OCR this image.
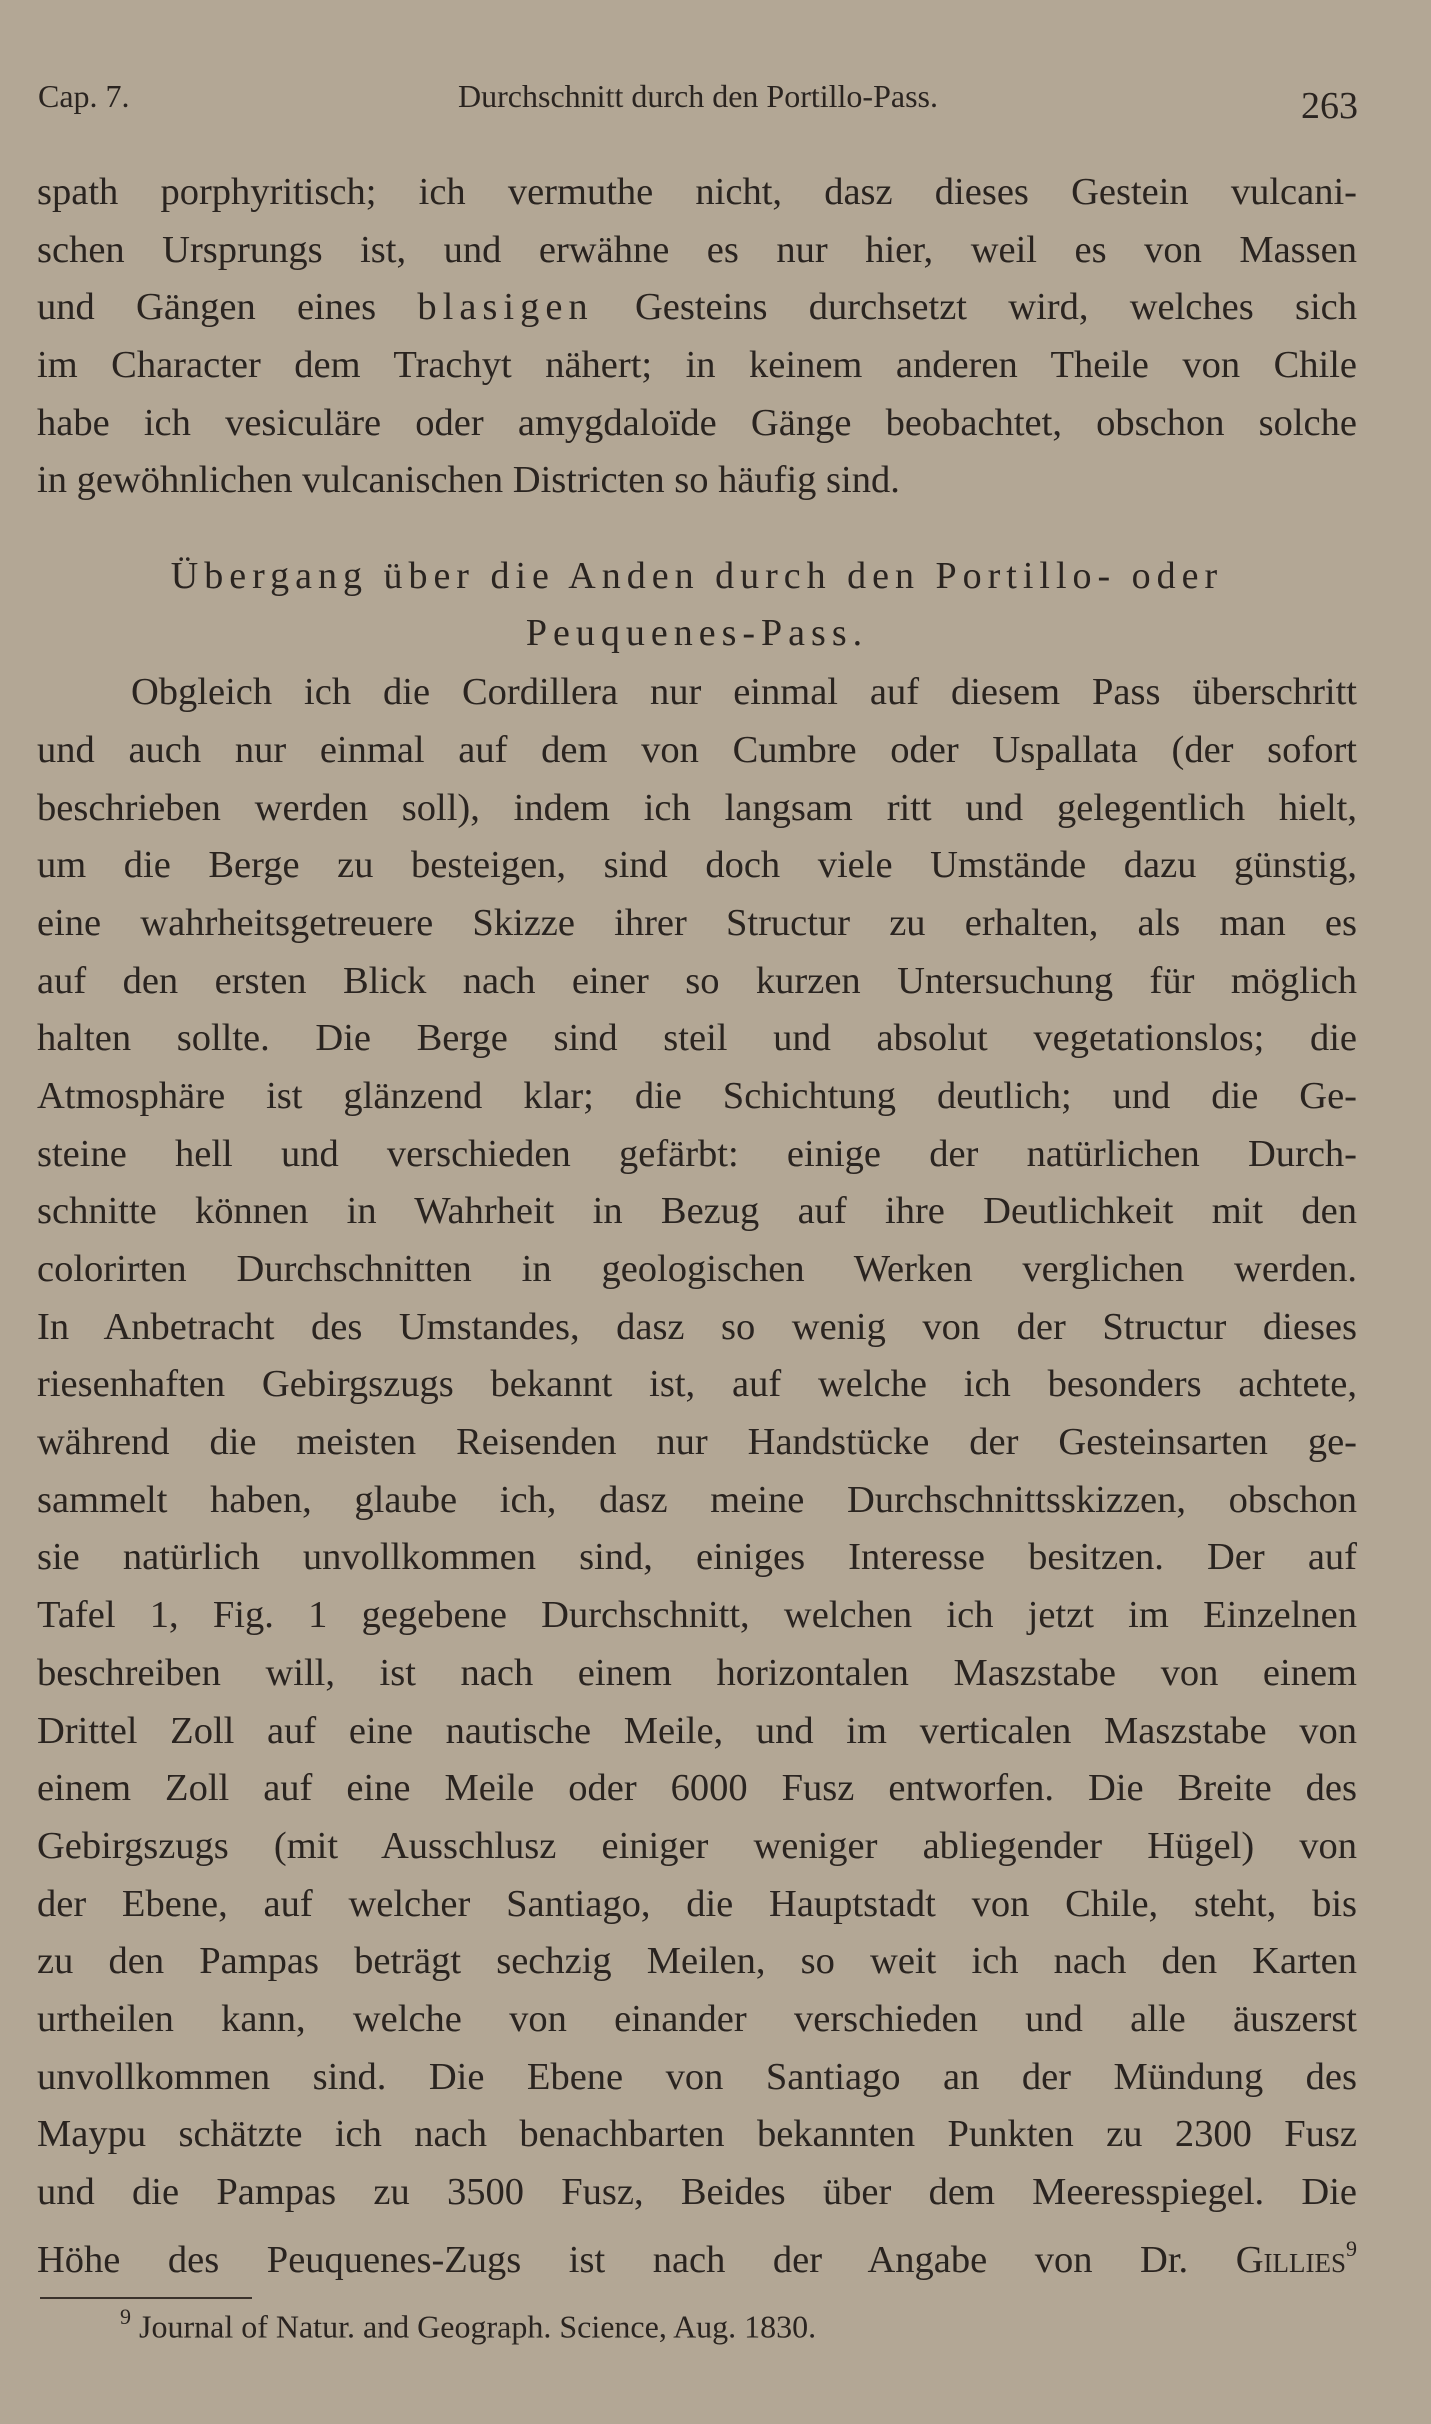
Cap. 7.	Durchschnitt durch den Portillo-Pass.	263
spath porphyritisch; ich vermuthe nicht, dasz dieses Gestein vulcani-
schen Ursprungs ist, und erwähne es nur hier, weil es von Massen
und Gängen eines blasigen Gesteins durchsetzt wird, welches sich
im Character dem Trachyt nähert; in keinem anderen Theile von Chile
habe ich vesiculäre oder amygdaloïde Gänge beobachtet, obschon solche
in gewöhnlichen vulcanischen Districten so häufig sind.
Übergang über die Anden durch den Portillo- oder
Peuquenes-Pass.
Obgleich ich die Cordillera nur einmal auf diesem Pass überschritt
und auch nur einmal auf dem von Cumbre oder Uspallata (der sofort
beschrieben werden soll), indem ich langsam ritt und gelegentlich hielt,
um die Berge zu besteigen, sind doch viele Umstände dazu günstig,
eine wahrheitsgetreuere Skizze ihrer Structur zu erhalten, als man es
auf den ersten Blick nach einer so kurzen Untersuchung für möglich
halten sollte. Die Berge sind steil und absolut vegetationslos; die
Atmosphäre ist glänzend klar; die Schichtung deutlich; und die Ge-
steine hell und verschieden gefärbt: einige der natürlichen Durch-
schnitte können in Wahrheit in Bezug auf ihre Deutlichkeit mit den
colorirten Durchschnitten in geologischen Werken verglichen werden.
In Anbetracht des Umstandes, dasz so wenig von der Structur dieses
riesenhaften Gebirgszugs bekannt ist, auf welche ich besonders achtete,
während die meisten Reisenden nur Handstücke der Gesteinsarten ge-
sammelt haben, glaube ich, dasz meine Durchschnittsskizzen, obschon
sie natürlich unvollkommen sind, einiges Interesse besitzen. Der auf
Tafel 1, Fig. 1 gegebene Durchschnitt, welchen ich jetzt im Einzelnen
beschreiben will, ist nach einem horizontalen Maszstabe von einem
Drittel Zoll auf eine nautische Meile, und im verticalen Maszstabe von
einem Zoll auf eine Meile oder 6000 Fusz entworfen. Die Breite des
Gebirgszugs (mit Ausschlusz einiger weniger abliegender Hügel) von
der Ebene, auf welcher Santiago, die Hauptstadt von Chile, steht, bis
zu den Pampas beträgt sechzig Meilen, so weit ich nach den Karten
urtheilen kann, welche von einander verschieden und alle äuszerst
unvollkommen sind. Die Ebene von Santiago an der Mündung des
Maypu schätzte ich nach benachbarten bekannten Punkten zu 2300 Fusz
und die Pampas zu 3500 Fusz, Beides über dem Meeresspiegel. Die
Höhe des Peuquenes-Zugs ist nach der Angabe von Dr. Gillies$^9$
$^9$ Journal of Natur. and Geograph. Science, Aug. 1830.
